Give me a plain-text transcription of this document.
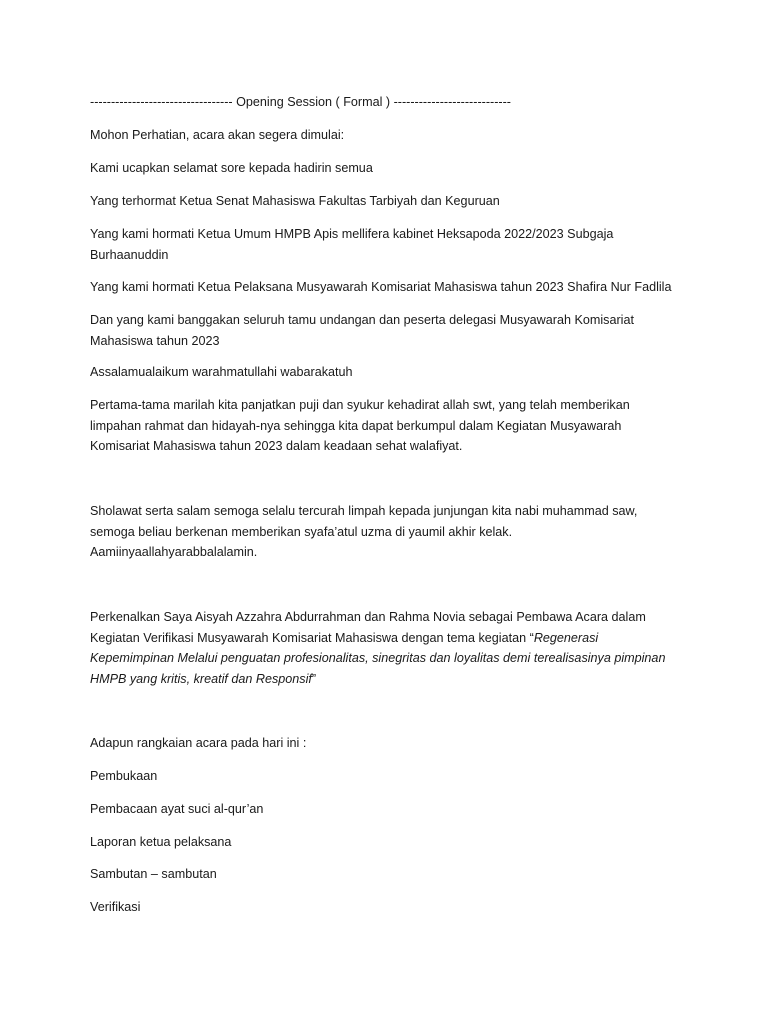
---------------------------------- Opening Session ( Formal ) ----------------------------

Mohon Perhatian, acara akan segera dimulai:

Kami ucapkan selamat sore kepada hadirin semua

Yang terhormat Ketua Senat Mahasiswa Fakultas Tarbiyah dan Keguruan

Yang kami hormati Ketua Umum HMPB Apis mellifera kabinet Heksapoda 2022/2023 Subgaja
Burhaanuddin

Yang kami hormati Ketua Pelaksana Musyawarah Komisariat Mahasiswa tahun 2023 Shafira Nur Fadlila

Dan yang kami banggakan seluruh tamu undangan dan peserta delegasi Musyawarah Komisariat
Mahasiswa tahun 2023

Assalamualaikum warahmatullahi wabarakatuh

Pertama-tama marilah kita panjatkan puji dan syukur kehadirat allah swt, yang telah memberikan
limpahan rahmat dan hidayah-nya sehingga kita dapat berkumpul dalam Kegiatan Musyawarah
Komisariat Mahasiswa tahun 2023 dalam keadaan sehat walafiyat.
Sholawat serta salam semoga selalu tercurah limpah kepada junjungan kita nabi muhammad saw,
semoga beliau berkenan memberikan syafa’atul uzma di yaumil akhir kelak.
Aamiinyaallahyarabbalalamin.
Perkenalkan Saya Aisyah Azzahra Abdurrahman dan Rahma Novia sebagai Pembawa Acara dalam
Kegiatan Verifikasi Musyawarah Komisariat Mahasiswa dengan tema kegiatan “Regenerasi
Kepemimpinan Melalui penguatan profesionalitas, sinegritas dan loyalitas demi terealisasinya pimpinan
HMPB yang kritis, kreatif dan Responsif”

Adapun rangkaian acara pada hari ini :

Pembukaan

Pembacaan ayat suci al-qur’an

Laporan ketua pelaksana

Sambutan – sambutan

Verifikasi
